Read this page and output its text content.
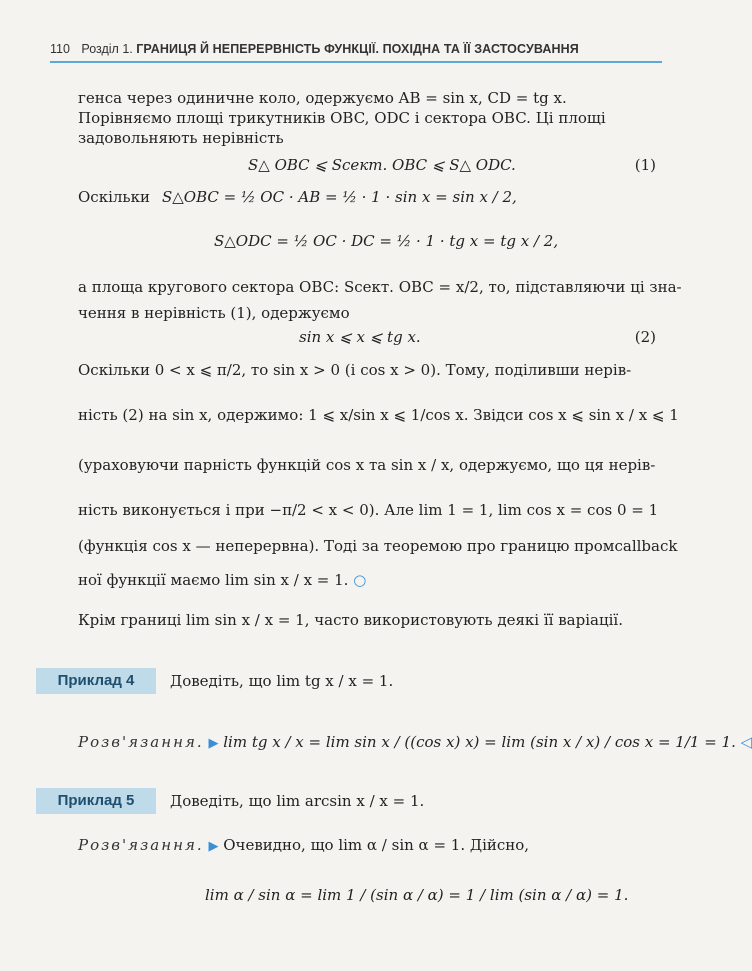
110 Розділ 1. ГРАНИЦЯ Й НЕПЕРЕРВНІСТЬ ФУНКЦІЇ. ПОХІДНА ТА ЇЇ ЗАСТОСУВАННЯ
генса через одиничне коло, одержуємо AB = sin x, CD = tg x.
Порівняємо площі трикутників OBC, ODC і сектора OBC. Ці площі
задовольняють нерівність
S△ OBC ⩽ Sсект. OBC ⩽ S△ ODC.	(1)
Оскільки S△OBC = ½ OC · AB = ½ · 1 · sin x = sin x / 2,
S△ODC = ½ OC · DC = ½ · 1 · tg x = tg x / 2,
а площа кругового сектора OBC: Sсект. OBC = x/2, то, підставляючи ці зна-
чення в нерівність (1), одержуємо
sin x ⩽ x ⩽ tg x.	(2)
Оскільки 0 < x ⩽ π/2, то sin x > 0 (і cos x > 0). Тому, поділивши нерів-
ність (2) на sin x, одержимо: 1 ⩽ x/sin x ⩽ 1/cos x. Звідси cos x ⩽ sin x / x ⩽ 1
(ураховуючи парність функцій cos x та sin x / x, одержуємо, що ця нерів-
ність виконується і при −π/2 < x < 0). Але lim 1 = 1, lim cos x = cos 0 = 1
(функція cos x — неперервна). Тоді за теоремою про границю промcallback
ної функції маємо lim sin x / x = 1. ○
Крім границі lim sin x / x = 1, часто використовують деякі її варіації.
Приклад 4	Доведіть, що lim tg x / x = 1.
Розв'язання. ▶ lim tg x / x = lim sin x / ((cos x) x) = lim (sin x / x) / cos x = 1/1 = 1. ◁
Приклад 5	Доведіть, що lim arcsin x / x = 1.
Розв'язання. ▶ Очевидно, що lim α / sin α = 1. Дійсно,
lim α / sin α = lim 1 / (sin α / α) = 1 / lim (sin α / α) = 1.
